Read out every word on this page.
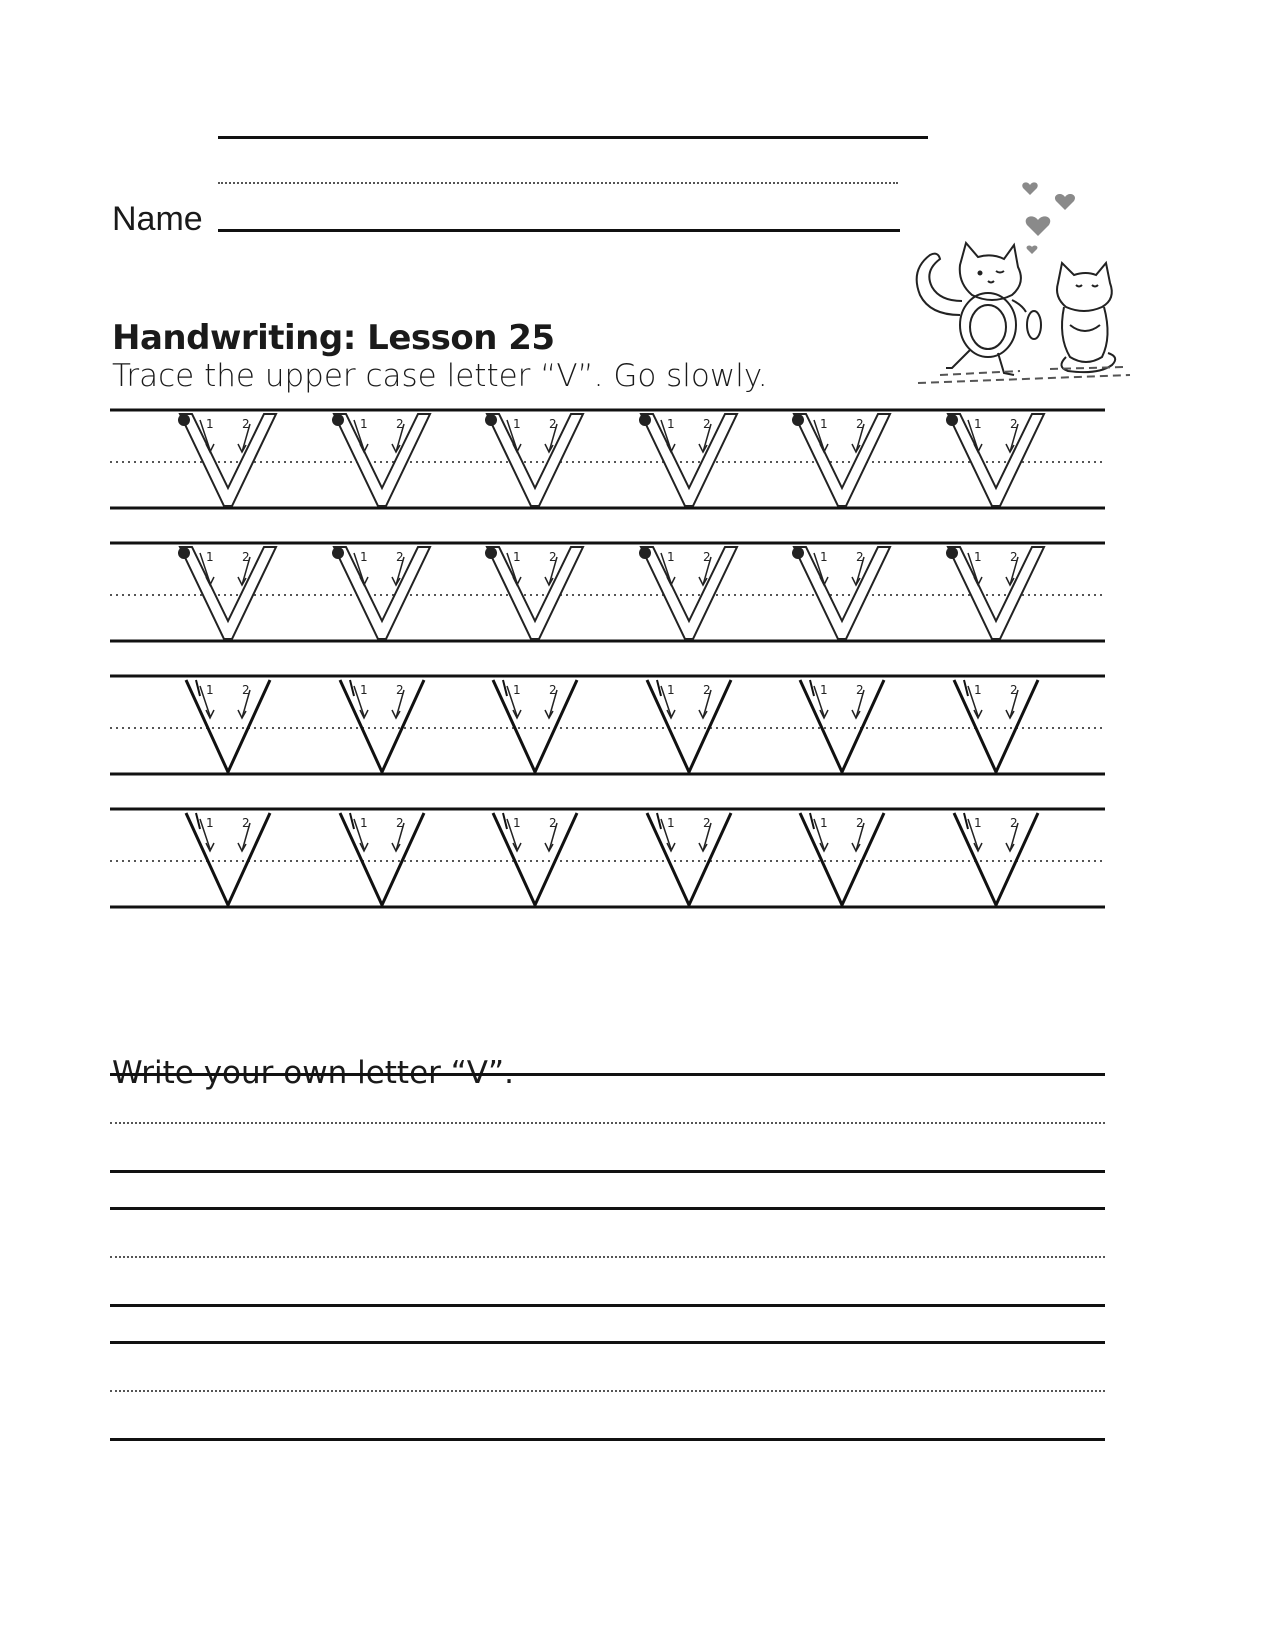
Name
Handwriting: Lesson 25
Trace the upper case letter “V”. Go slowly.
1 2	1 2	1 2	1 2	1 2	1 2
1 2	1 2	1 2	1 2	1 2	1 2
1 2	1 2	1 2	1 2	1 2	1 2
1 2	1 2	1 2	1 2	1 2	1 2
Write your own letter “V”.
